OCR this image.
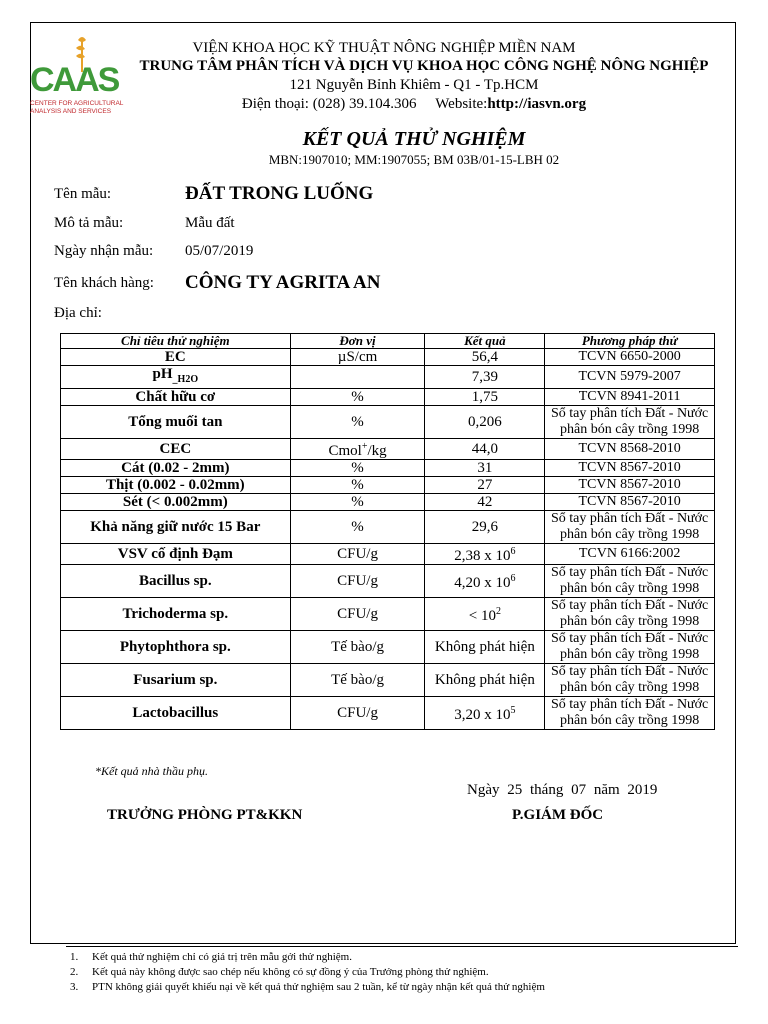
CAAS
CENTER FOR AGRICULTURAL ANALYSIS AND SERVICES
VIỆN KHOA HỌC KỸ THUẬT NÔNG NGHIỆP MIỀN NAM
TRUNG TÂM PHÂN TÍCH VÀ DỊCH VỤ KHOA HỌC CÔNG NGHỆ NÔNG NGHIỆP
121 Nguyễn Bỉnh Khiêm - Q1 - Tp.HCM
Điện thoại: (028) 39.104.306 Website:http://iasvn.org
KẾT QUẢ THỬ NGHIỆM
MBN:1907010; MM:1907055; BM 03B/01-15-LBH 02
Tên mẫu:	ĐẤT TRONG LUỐNG
Mô tả mẫu:	Mẫu đất
Ngày nhận mẫu: 05/07/2019
Tên khách hàng: CÔNG TY AGRITA AN
Địa chỉ:
Chỉ tiêu thử nghiệm	Đơn vị	Kết quả	Phương pháp thử
EC	µS/cm	56,4	TCVN 6650-2000
$pH_{\_H2O}$		7,39	TCVN 5979-2007
Chất hữu cơ	%	1,75	TCVN 8941-2011
Tổng muối tan	%	0,206	Sổ tay phân tích Đất - Nước phân bón cây trồng 1998
CEC	Cmol+/kg	44,0	TCVN 8568-2010
Cát (0.02 - 2mm)	%	31	TCVN 8567-2010
Thịt (0.002 - 0.02mm)	%	27	TCVN 8567-2010
Sét (< 0.002mm)	%	42	TCVN 8567-2010
Khả năng giữ nước 15 Bar	%	29,6	Sổ tay phân tích Đất - Nước phân bón cây trồng 1998
VSV cố định Đạm	CFU/g	2,38 x $10^6$	TCVN 6166:2002
Bacillus sp.	CFU/g	4,20 x $10^6$	Sổ tay phân tích Đất - Nước phân bón cây trồng 1998
Trichoderma sp.	CFU/g	< $10^2$	Sổ tay phân tích Đất - Nước phân bón cây trồng 1998
Phytophthora sp.	Tế bào/g	Không phát hiện	Sổ tay phân tích Đất - Nước phân bón cây trồng 1998
Fusarium sp.	Tế bào/g	Không phát hiện	Sổ tay phân tích Đất - Nước phân bón cây trồng 1998
Lactobacillus	CFU/g	3,20 x $10^5$	Sổ tay phân tích Đất - Nước phân bón cây trồng 1998
*Kết quả nhà thầu phụ.
Ngày 25 tháng 07 năm 2019
TRƯỞNG PHÒNG PT&KKN	P.GIÁM ĐỐC
1. Kết quả thử nghiệm chỉ có giá trị trên mẫu gởi thử nghiệm.
2. Kết quả này không được sao chép nếu không có sự đồng ý của Trưởng phòng thử nghiệm.
3. PTN không giải quyết khiếu nại về kết quả thử nghiệm sau 2 tuần, kể từ ngày nhận kết quả thử nghiệm
